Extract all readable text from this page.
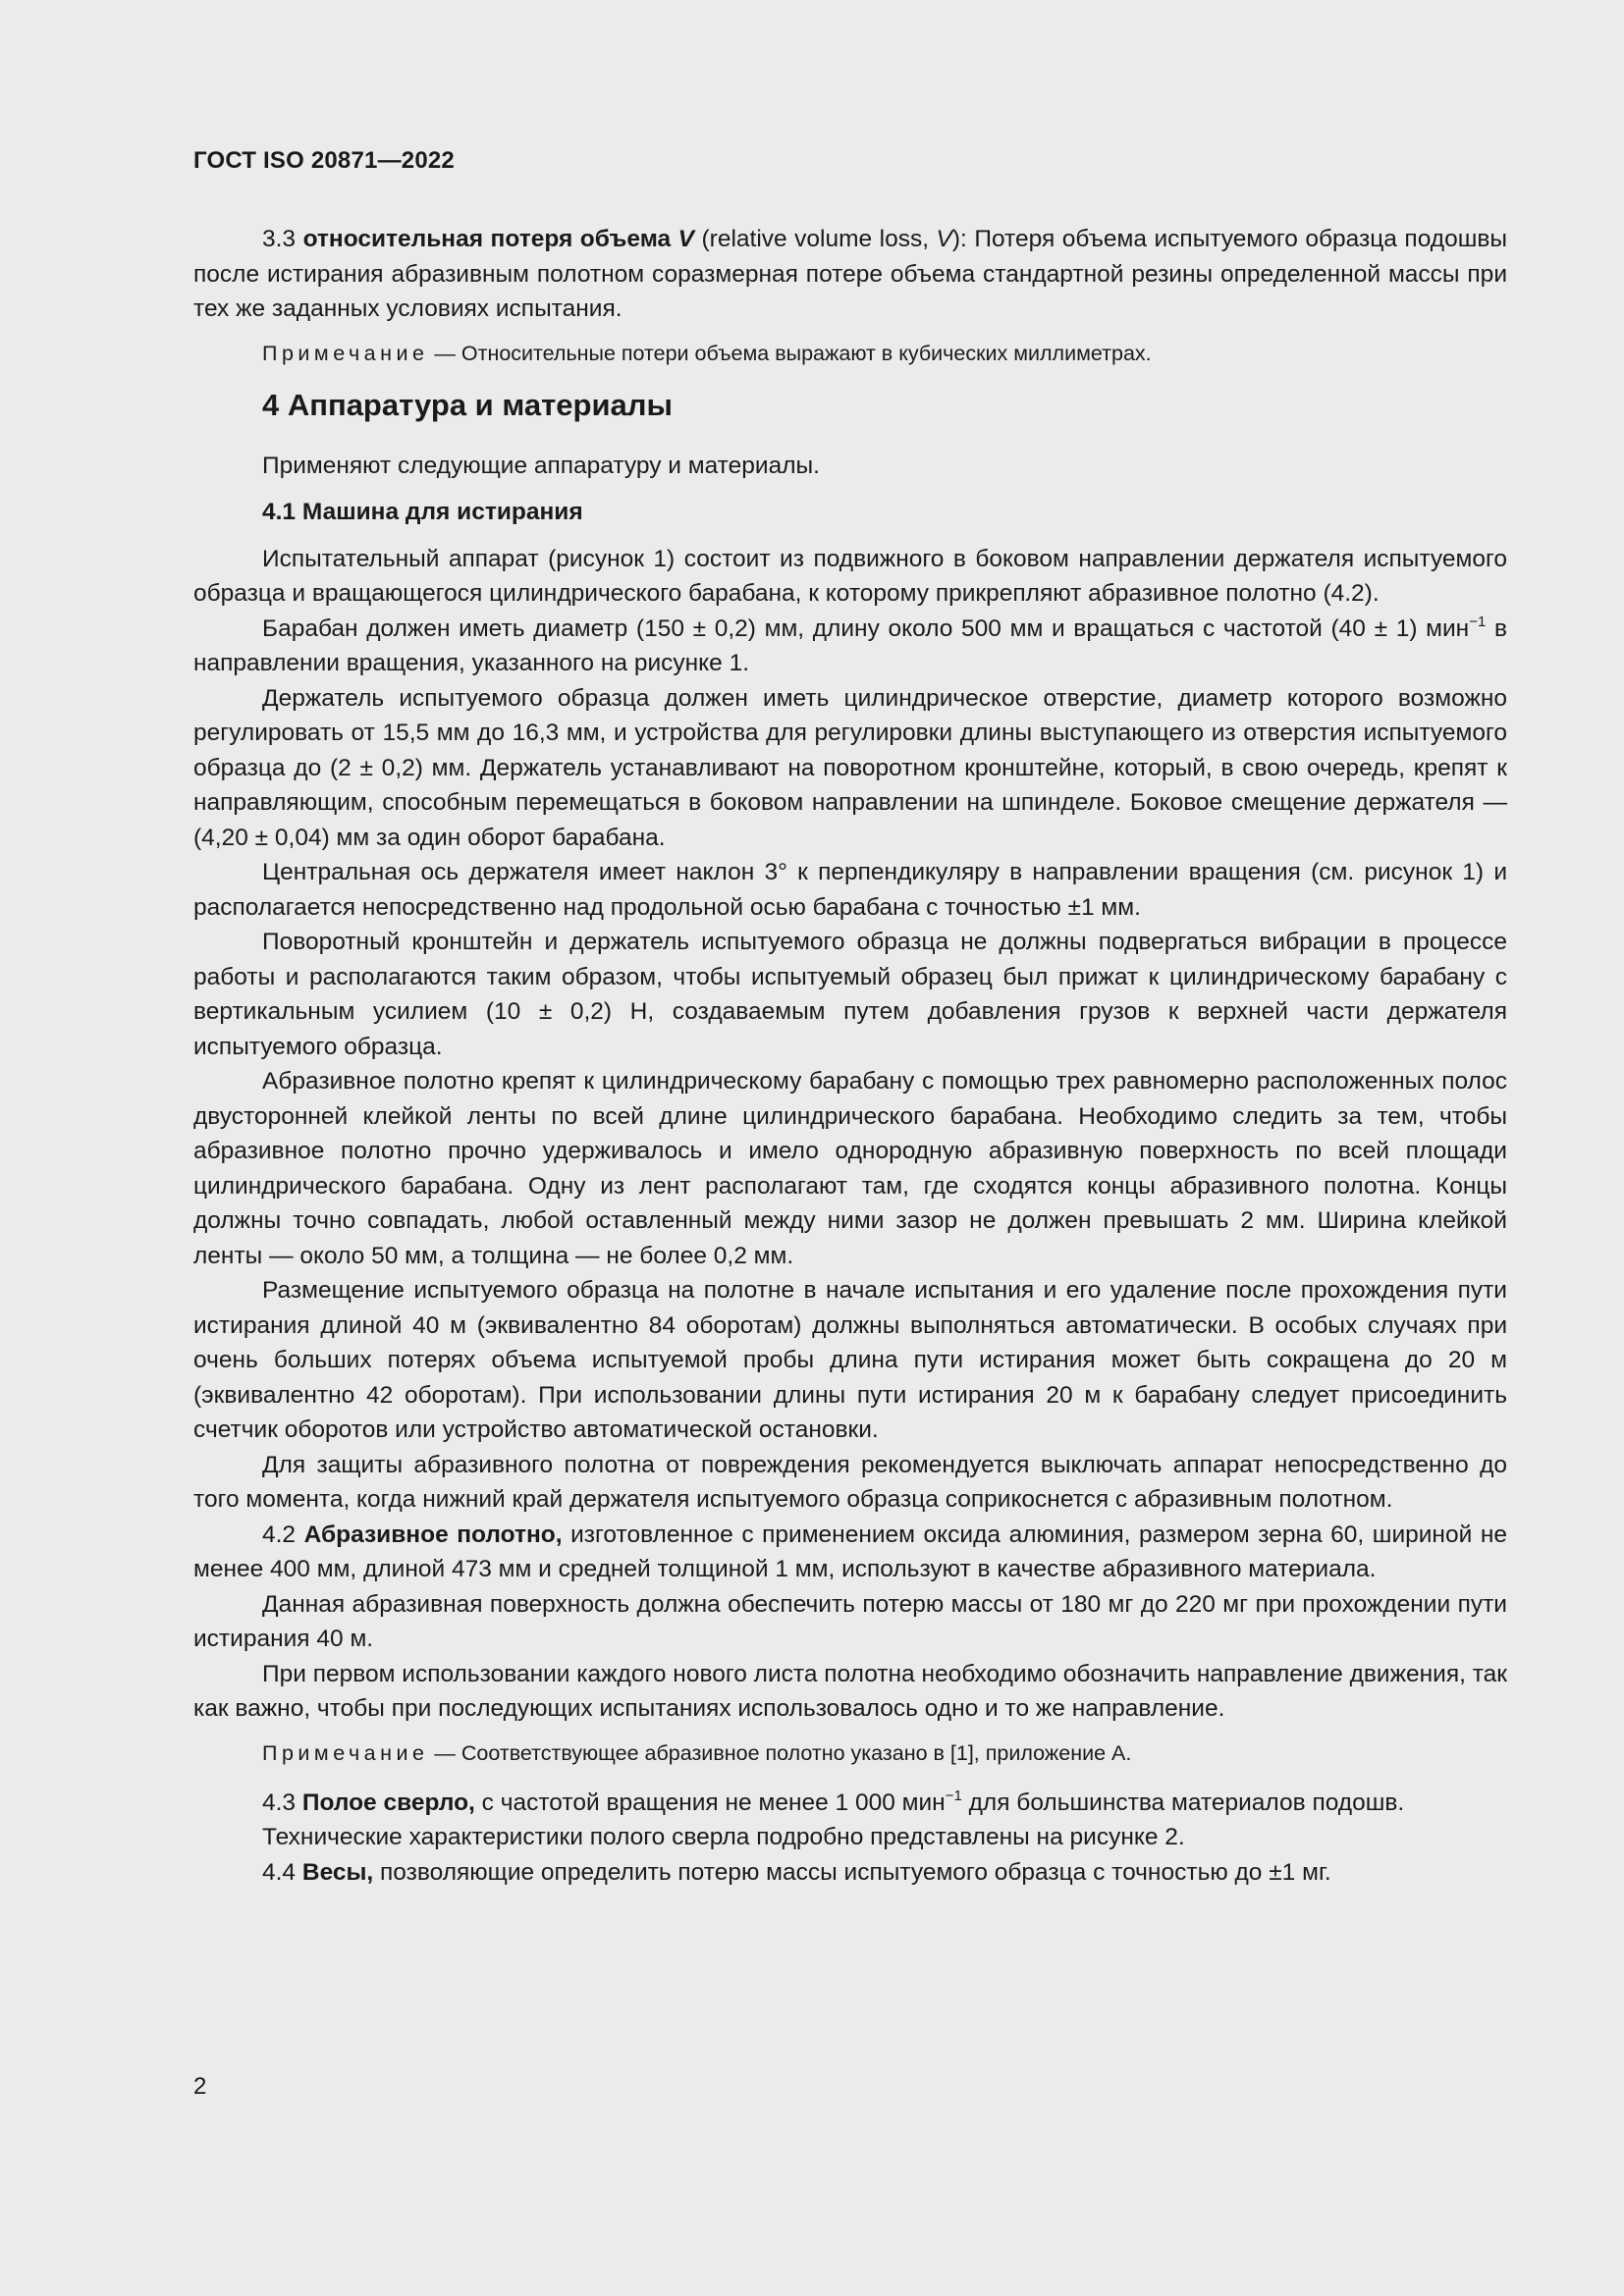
ГОСТ ISO 20871—2022

3.3 относительная потеря объема V (relative volume loss, V): Потеря объема испытуемого образца подошвы после истирания абразивным полотном соразмерная потере объема стандартной резины определенной массы при тех же заданных условиях испытания.

Примечание — Относительные потери объема выражают в кубических миллиметрах.

4 Аппаратура и материалы

Применяют следующие аппаратуру и материалы.

4.1 Машина для истирания

Испытательный аппарат (рисунок 1) состоит из подвижного в боковом направлении держателя испытуемого образца и вращающегося цилиндрического барабана, к которому прикрепляют абразивное полотно (4.2).

Барабан должен иметь диаметр (150 ± 0,2) мм, длину около 500 мм и вращаться с частотой (40 ± 1) мин$^{-1}$ в направлении вращения, указанного на рисунке 1.

Держатель испытуемого образца должен иметь цилиндрическое отверстие, диаметр которого возможно регулировать от 15,5 мм до 16,3 мм, и устройства для регулировки длины выступающего из отверстия испытуемого образца до (2 ± 0,2) мм. Держатель устанавливают на поворотном кронштейне, который, в свою очередь, крепят к направляющим, способным перемещаться в боковом направлении на шпинделе. Боковое смещение держателя — (4,20 ± 0,04) мм за один оборот барабана.

Центральная ось держателя имеет наклон 3° к перпендикуляру в направлении вращения (см. рисунок 1) и располагается непосредственно над продольной осью барабана с точностью ±1 мм.

Поворотный кронштейн и держатель испытуемого образца не должны подвергаться вибрации в процессе работы и располагаются таким образом, чтобы испытуемый образец был прижат к цилиндрическому барабану с вертикальным усилием (10 ± 0,2) Н, создаваемым путем добавления грузов к верхней части держателя испытуемого образца.

Абразивное полотно крепят к цилиндрическому барабану с помощью трех равномерно расположенных полос двусторонней клейкой ленты по всей длине цилиндрического барабана. Необходимо следить за тем, чтобы абразивное полотно прочно удерживалось и имело однородную абразивную поверхность по всей площади цилиндрического барабана. Одну из лент располагают там, где сходятся концы абразивного полотна. Концы должны точно совпадать, любой оставленный между ними зазор не должен превышать 2 мм. Ширина клейкой ленты — около 50 мм, а толщина — не более 0,2 мм.

Размещение испытуемого образца на полотне в начале испытания и его удаление после прохождения пути истирания длиной 40 м (эквивалентно 84 оборотам) должны выполняться автоматически. В особых случаях при очень больших потерях объема испытуемой пробы длина пути истирания может быть сокращена до 20 м (эквивалентно 42 оборотам). При использовании длины пути истирания 20 м к барабану следует присоединить счетчик оборотов или устройство автоматической остановки.

Для защиты абразивного полотна от повреждения рекомендуется выключать аппарат непосредственно до того момента, когда нижний край держателя испытуемого образца соприкоснется с абразивным полотном.

4.2 Абразивное полотно, изготовленное с применением оксида алюминия, размером зерна 60, шириной не менее 400 мм, длиной 473 мм и средней толщиной 1 мм, используют в качестве абразивного материала.

Данная абразивная поверхность должна обеспечить потерю массы от 180 мг до 220 мг при прохождении пути истирания 40 м.

При первом использовании каждого нового листа полотна необходимо обозначить направление движения, так как важно, чтобы при последующих испытаниях использовалось одно и то же направление.

Примечание — Соответствующее абразивное полотно указано в [1], приложение А.

4.3 Полое сверло, с частотой вращения не менее 1 000 мин$^{-1}$ для большинства материалов подошв.

Технические характеристики полого сверла подробно представлены на рисунке 2.

4.4 Весы, позволяющие определить потерю массы испытуемого образца с точностью до ±1 мг.

2
